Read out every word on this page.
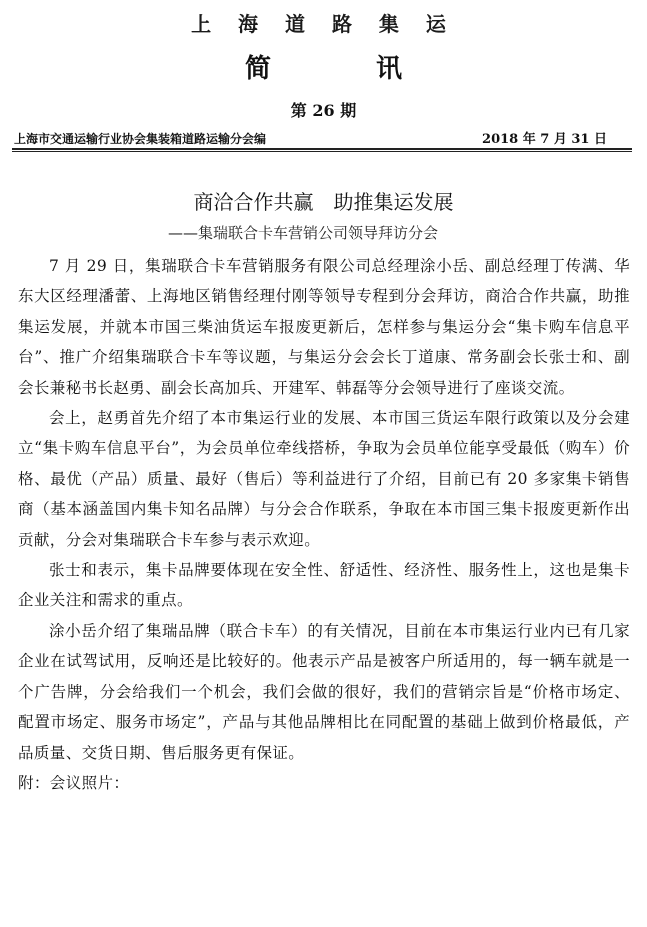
上 海 道 路 集 运
简 讯
第 26 期
上海市交通运输行业协会集装箱道路运输分会编	2018 年 7 月 31 日
商洽合作共赢　助推集运发展
——集瑞联合卡车营销公司领导拜访分会

7 月 29 日，集瑞联合卡车营销服务有限公司总经理涂小岳、副总经理丁传满、华东大区经理潘蕾、上海地区销售经理付刚等领导专程到分会拜访，商洽合作共赢，助推集运发展，并就本市国三柴油货运车报废更新后，怎样参与集运分会“集卡购车信息平台”、推广介绍集瑞联合卡车等议题，与集运分会会长丁道康、常务副会长张士和、副会长兼秘书长赵勇、副会长高加兵、开建军、韩磊等分会领导进行了座谈交流。

会上，赵勇首先介绍了本市集运行业的发展、本市国三货运车限行政策以及分会建立“集卡购车信息平台”，为会员单位牵线搭桥，争取为会员单位能享受最低（购车）价格、最优（产品）质量、最好（售后）等利益进行了介绍，目前已有 20 多家集卡销售商（基本涵盖国内集卡知名品牌）与分会合作联系，争取在本市国三集卡报废更新作出贡献，分会对集瑞联合卡车参与表示欢迎。

张士和表示，集卡品牌要体现在安全性、舒适性、经济性、服务性上，这也是集卡企业关注和需求的重点。

涂小岳介绍了集瑞品牌（联合卡车）的有关情况，目前在本市集运行业内已有几家企业在试驾试用，反响还是比较好的。他表示产品是被客户所适用的，每一辆车就是一个广告牌，分会给我们一个机会，我们会做的很好，我们的营销宗旨是“价格市场定、配置市场定、服务市场定”，产品与其他品牌相比在同配置的基础上做到价格最低，产品质量、交货日期、售后服务更有保证。

附：会议照片：
